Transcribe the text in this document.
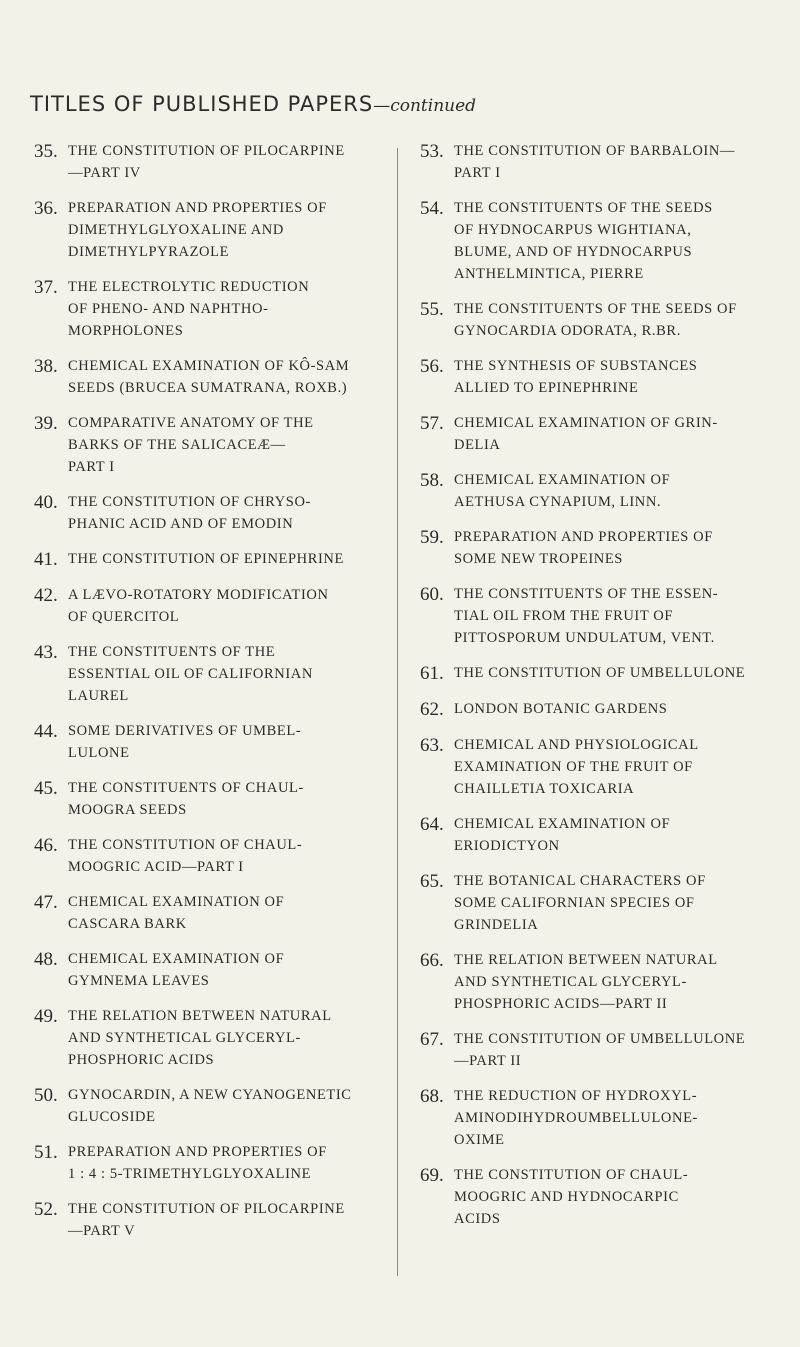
TITLES OF PUBLISHED PAPERS—continued
35. THE CONSTITUTION OF PILOCARPINE
—PART IV
36. PREPARATION AND PROPERTIES OF
DIMETHYLGLYOXALINE AND
DIMETHYLPYRAZOLE
37. THE ELECTROLYTIC REDUCTION
OF PHENO- AND NAPHTHO-
MORPHOLONES
38. CHEMICAL EXAMINATION OF KÔ-SAM
SEEDS (BRUCEA SUMATRANA, ROXB.)
39. COMPARATIVE ANATOMY OF THE
BARKS OF THE SALICACEÆ—
PART I
40. THE CONSTITUTION OF CHRYSO-
PHANIC ACID AND OF EMODIN
41. THE CONSTITUTION OF EPINEPHRINE
42. A LÆVO-ROTATORY MODIFICATION
OF QUERCITOL
43. THE CONSTITUENTS OF THE
ESSENTIAL OIL OF CALIFORNIAN
LAUREL
44. SOME DERIVATIVES OF UMBEL-
LULONE
45. THE CONSTITUENTS OF CHAUL-
MOOGRA SEEDS
46. THE CONSTITUTION OF CHAUL-
MOOGRIC ACID—PART I
47. CHEMICAL EXAMINATION OF
CASCARA BARK
48. CHEMICAL EXAMINATION OF
GYMNEMA LEAVES
49. THE RELATION BETWEEN NATURAL
AND SYNTHETICAL GLYCERYL-
PHOSPHORIC ACIDS
50. GYNOCARDIN, A NEW CYANOGENETIC
GLUCOSIDE
51. PREPARATION AND PROPERTIES OF
1 : 4 : 5-TRIMETHYLGLYOXALINE
52. THE CONSTITUTION OF PILOCARPINE
—PART V
53. THE CONSTITUTION OF BARBALOIN—
PART I
54. THE CONSTITUENTS OF THE SEEDS
OF HYDNOCARPUS WIGHTIANA,
BLUME, AND OF HYDNOCARPUS
ANTHELMINTICA, PIERRE
55. THE CONSTITUENTS OF THE SEEDS OF
GYNOCARDIA ODORATA, R.BR.
56. THE SYNTHESIS OF SUBSTANCES
ALLIED TO EPINEPHRINE
57. CHEMICAL EXAMINATION OF GRIN-
DELIA
58. CHEMICAL EXAMINATION OF
AETHUSA CYNAPIUM, LINN.
59. PREPARATION AND PROPERTIES OF
SOME NEW TROPEINES
60. THE CONSTITUENTS OF THE ESSEN-
TIAL OIL FROM THE FRUIT OF
PITTOSPORUM UNDULATUM, VENT.
61. THE CONSTITUTION OF UMBELLULONE
62. LONDON BOTANIC GARDENS
63. CHEMICAL AND PHYSIOLOGICAL
EXAMINATION OF THE FRUIT OF
CHAILLETIA TOXICARIA
64. CHEMICAL EXAMINATION OF
ERIODICTYON
65. THE BOTANICAL CHARACTERS OF
SOME CALIFORNIAN SPECIES OF
GRINDELIA
66. THE RELATION BETWEEN NATURAL
AND SYNTHETICAL GLYCERYL-
PHOSPHORIC ACIDS—PART II
67. THE CONSTITUTION OF UMBELLULONE
—PART II
68. THE REDUCTION OF HYDROXYL-
AMINODIHYDROUMBELLULONE-
OXIME
69. THE CONSTITUTION OF CHAUL-
MOOGRIC AND HYDNOCARPIC
ACIDS
